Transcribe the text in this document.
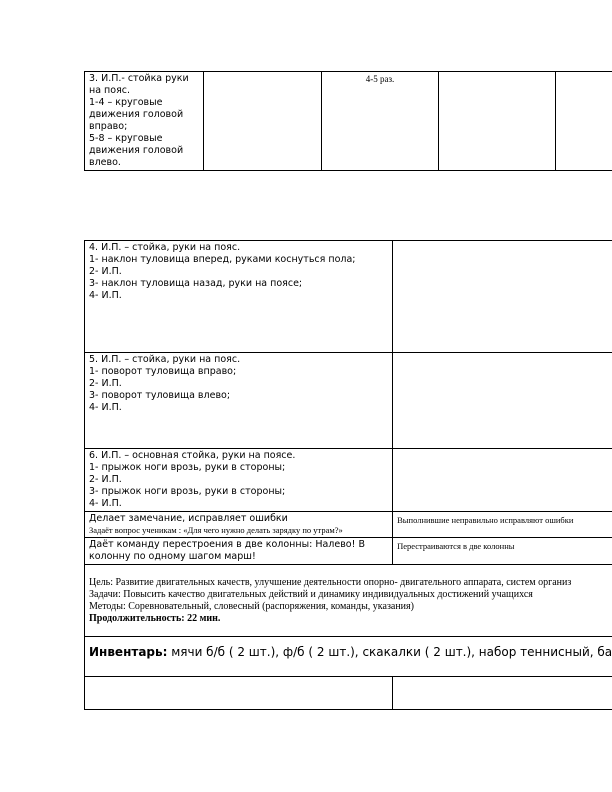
3. И.П.- стойка руки на пояс.
1-4 – круговые движения головой вправо;
5-8 – круговые движения головой влево.
		4-5 раз.		
4. И.П. – стойка, руки на пояс.
1- наклон туловища вперед, руками коснуться пола;
2- И.П.
3- наклон туловища назад, руки на поясе;
4- И.П.	

5. И.П. – стойка, руки на пояс.
1- поворот туловища вправо;
2- И.П.
3- поворот туловища влево;
4- И.П.	

6. И.П. – основная стойка, руки на поясе.
1- прыжок ноги врозь, руки в стороны;
2- И.П.
3- прыжок ноги врозь, руки в стороны;
4- И.П.	

Делает замечание, исправляет ошибки
Задаёт вопрос ученикам : «Для чего нужно делать зарядку по утрам?»	Выполнившие неправильно исправляют ошибки

Даёт команду перестроения в две колонны: Налево! В колонну по одному шагом марш!	Перестраиваются в две колонны

Цель: Развитие двигательных качеств, улучшение деятельности опорно- двигательного аппарата, систем организ
Задачи: Повысить качество двигательных действий и динамику индивидуальных достижений учащихся
Методы: Соревновательный, словесный (распоряжения, команды, указания)
Продолжительность: 22 мин.	

Инвентарь: мячи б/б ( 2 шт.), ф/б ( 2 шт.), скакалки ( 2 шт.), набор теннисный, ба	
